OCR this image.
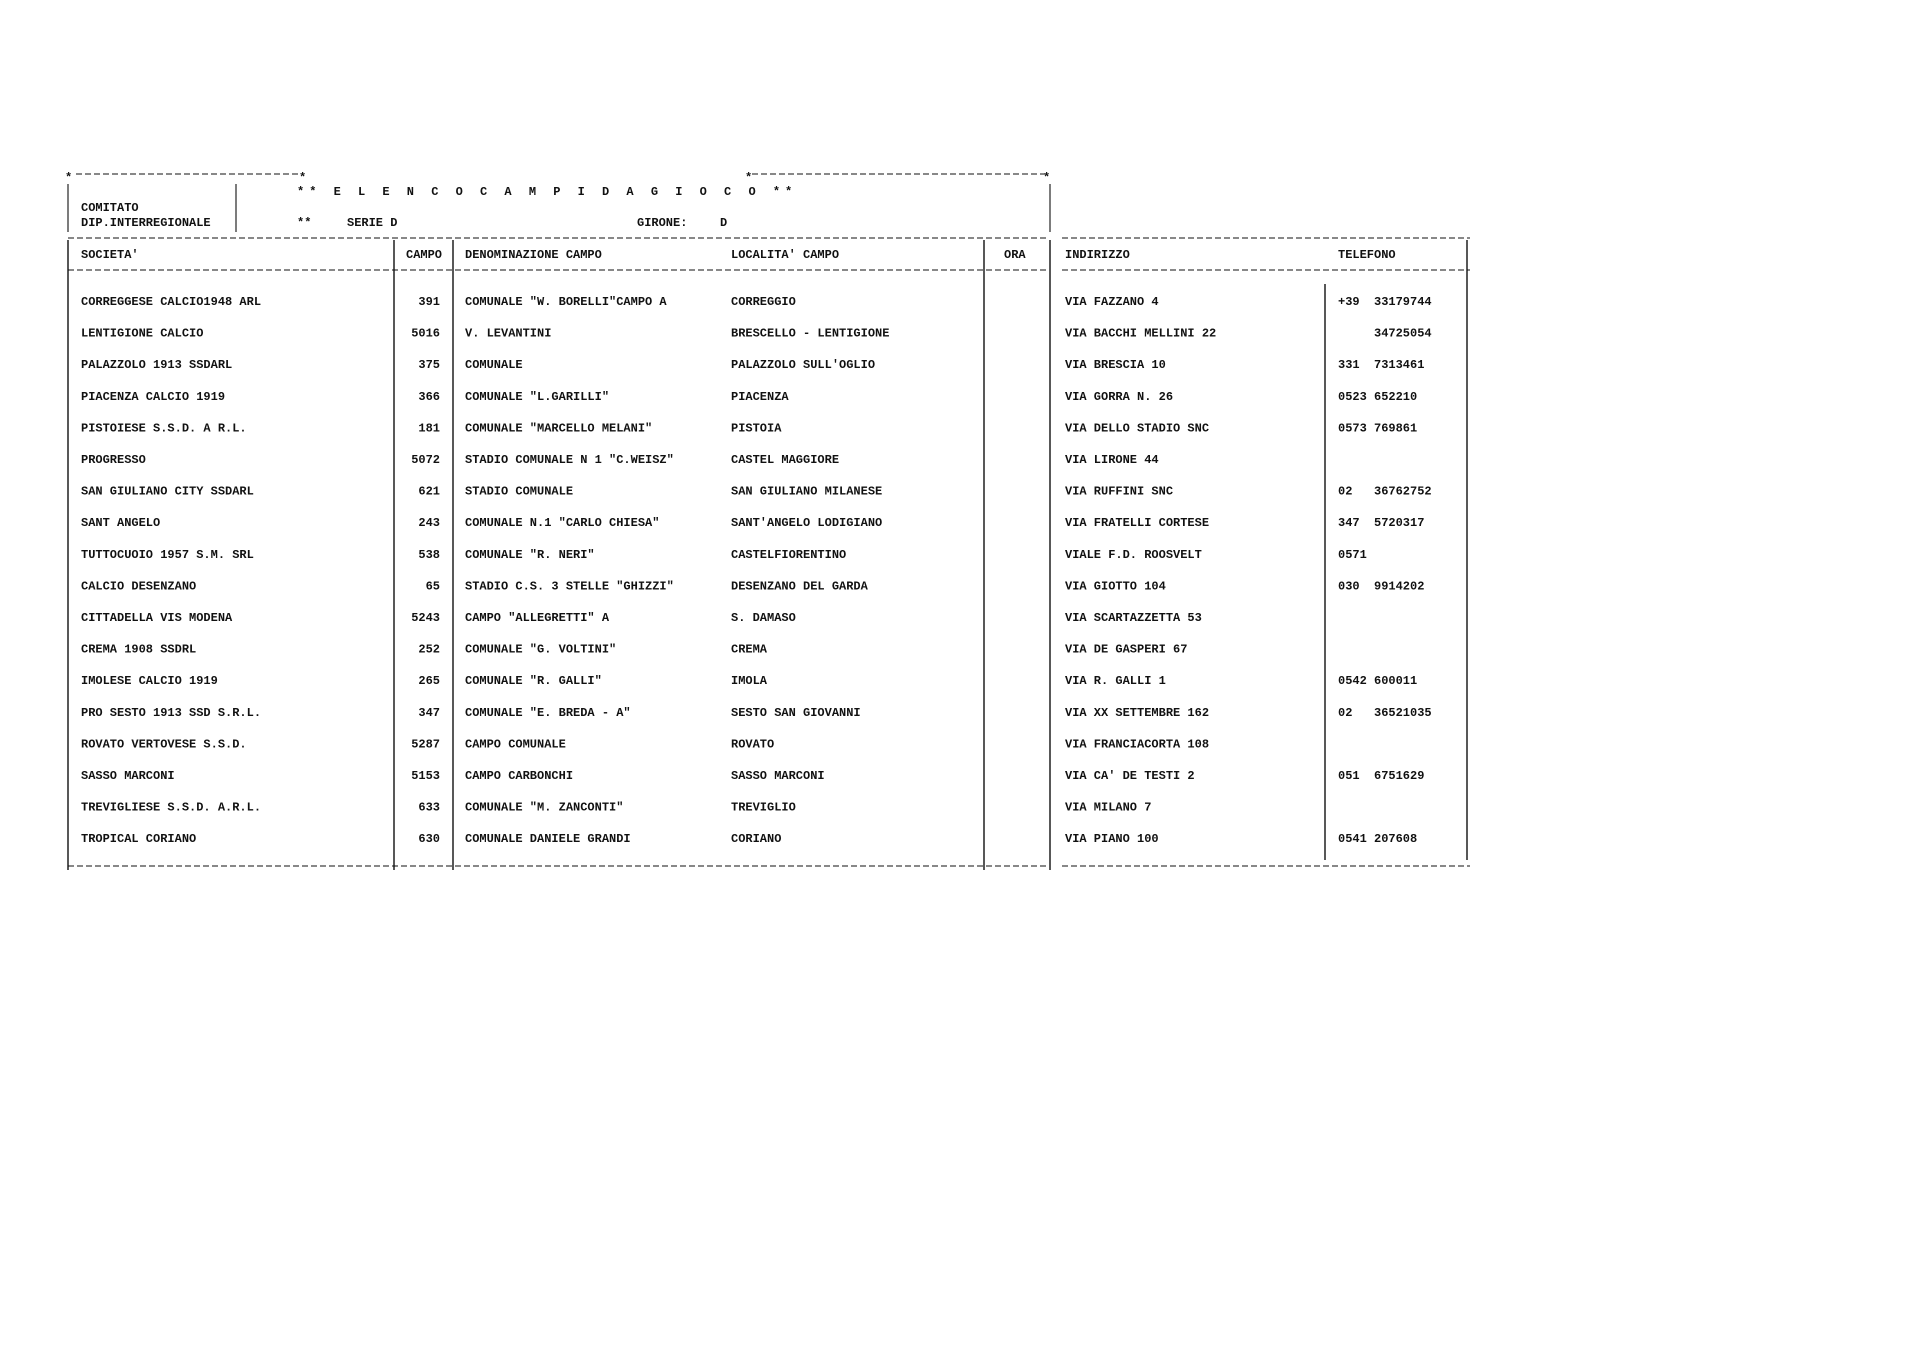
*	*	*	*
** E L E N C O C A M P I D A G I O C O **
COMITATO
DIP.INTERREGIONALE	**	SERIE D	GIRONE:	D
SOCIETA'	CAMPO DENOMINAZIONE CAMPO	LOCALITA' CAMPO	ORA	INDIRIZZO	TELEFONO
CORREGGESE CALCIO1948 ARL	391 COMUNALE "W. BORELLI"CAMPO A	CORREGGIO	VIA FAZZANO 4	+39  33179744
LENTIGIONE CALCIO	5016 V. LEVANTINI	BRESCELLO - LENTIGIONE	VIA BACCHI MELLINI 22	34725054
PALAZZOLO 1913 SSDARL	375 COMUNALE	PALAZZOLO SULL'OGLIO	VIA BRESCIA 10	331  7313461
PIACENZA CALCIO 1919	366 COMUNALE "L.GARILLI"	PIACENZA	VIA GORRA N. 26	0523 652210
PISTOIESE S.S.D. A R.L.	181 COMUNALE "MARCELLO MELANI"	PISTOIA	VIA DELLO STADIO SNC	0573 769861
PROGRESSO	5072 STADIO COMUNALE N 1 "C.WEISZ"	CASTEL MAGGIORE	VIA LIRONE 44
SAN GIULIANO CITY SSDARL	621 STADIO COMUNALE	SAN GIULIANO MILANESE	VIA RUFFINI SNC	02   36762752
SANT ANGELO	243 COMUNALE N.1 "CARLO CHIESA"	SANT'ANGELO LODIGIANO	VIA FRATELLI CORTESE	347  5720317
TUTTOCUOIO 1957 S.M. SRL	538 COMUNALE "R. NERI"	CASTELFIORENTINO	VIALE F.D. ROOSVELT	0571
CALCIO DESENZANO	65 STADIO C.S. 3 STELLE "GHIZZI"	DESENZANO DEL GARDA	VIA GIOTTO 104	030  9914202
CITTADELLA VIS MODENA	5243 CAMPO "ALLEGRETTI" A	S. DAMASO	VIA SCARTAZZETTA 53
CREMA 1908 SSDRL	252 COMUNALE "G. VOLTINI"	CREMA	VIA DE GASPERI 67
IMOLESE CALCIO 1919	265 COMUNALE "R. GALLI"	IMOLA	VIA R. GALLI 1	0542 600011
PRO SESTO 1913 SSD S.R.L.	347 COMUNALE "E. BREDA - A"	SESTO SAN GIOVANNI	VIA XX SETTEMBRE 162	02   36521035
ROVATO VERTOVESE S.S.D.	5287 CAMPO COMUNALE	ROVATO	VIA FRANCIACORTA 108
SASSO MARCONI	5153 CAMPO CARBONCHI	SASSO MARCONI	VIA CA' DE TESTI 2	051  6751629
TREVIGLIESE S.S.D. A.R.L.	633 COMUNALE "M. ZANCONTI"	TREVIGLIO	VIA MILANO 7
TROPICAL CORIANO	630 COMUNALE DANIELE GRANDI	CORIANO	VIA PIANO 100	0541 207608
